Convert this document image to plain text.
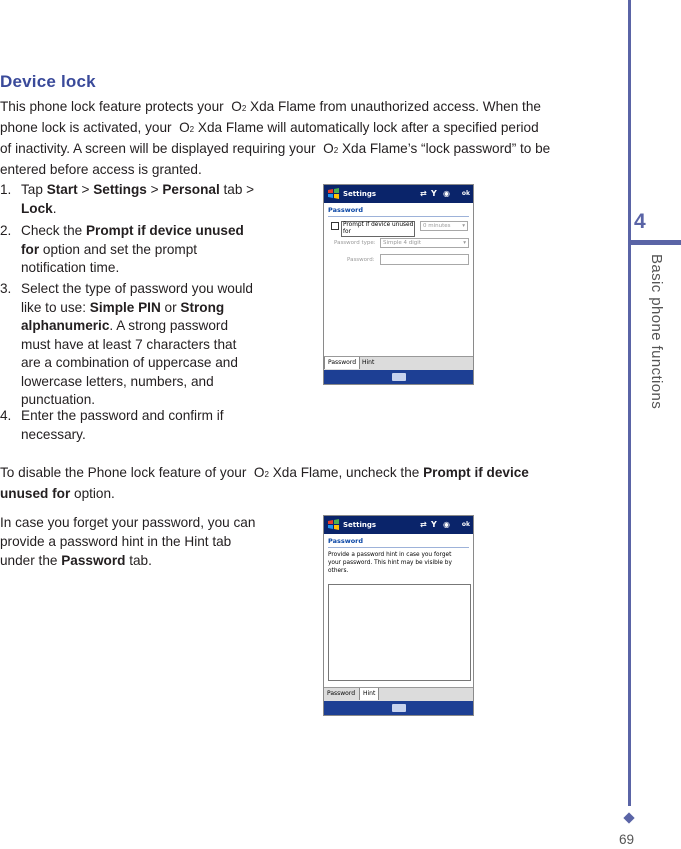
Device lock
This phone lock feature protects your O2 Xda Flame from unauthorized access. When the
phone lock is activated, your O2 Xda Flame will automatically lock after a specified period
of inactivity. A screen will be displayed requiring your O2 Xda Flame’s “lock password” to be
entered before access is granted.
1. Tap Start > Settings > Personal tab >
Lock.
2. Check the Prompt if device unused
for option and set the prompt
notification time.
3. Select the type of password you would
like to use: Simple PIN or Strong
alphanumeric. A strong password
must have at least 7 characters that
are a combination of uppercase and
lowercase letters, numbers, and
punctuation.
4. Enter the password and confirm if
necessary.
To disable the Phone lock feature of your O2 Xda Flame, uncheck the Prompt if device
unused for option.
In case you forget your password, you can
provide a password hint in the Hint tab
under the Password tab.
Settings	⇄ Y ◉ ok
Password
Prompt if device unused
for
0 minutes ▾
Password type:	Simple 4 digit	▾
Password:
Password Hint
Settings	⇄ Y ◉ ok
Password
Provide a password hint in case you forget
your password. This hint may be visible by
others.
Password	Hint
4
Basic phone functions
69
